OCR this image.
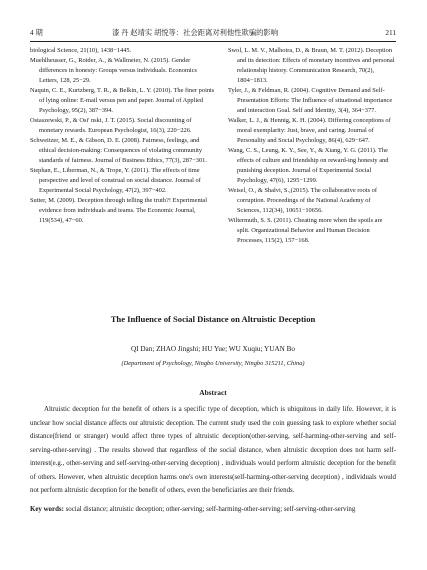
4 期	漆 丹 赵靖实 胡悦等：社会距离对利他性欺骗的影响	211
biological Science, 21(10), 1438−1445.
Muehlheusser, G., Roider, A., & Wallmeier, N. (2015). Gender differences in honesty: Groups versus individuals. Economics Letters, 128, 25−29.
Naquin, C. E., Kurtzberg, T. R., & Belkin, L. Y. (2010). The finer points of lying online: E-mail versus pen and paper. Journal of Applied Psychology, 95(2), 387−394.
Ostaszewski, P., & Osi' nski, J. T. (2015). Social discounting of monetary rewards. European Psychologist, 16(3), 220−226.
Schweitzer, M. E., & Gibson, D. E. (2008). Fairness, feelings, and ethical decision-making: Consequences of violating community standards of fairness. Journal of Business Ethics, 77(3), 287−301.
Stephan, E., Liberman, N., & Trope, Y. (2011). The effects of time perspective and level of construal on social distance. Journal of Experimental Social Psychology, 47(2), 397−402.
Sutter, M. (2009). Deception through telling the truth?! Experimental evidence from individuals and teams. The Economic Journal, 119(534), 47−60.
Swol, L. M. V., Malhotra, D., & Braun, M. T. (2012). Deception and its detection: Effects of monetary incentives and personal relationship history. Communication Research, 70(2), 1804−1813.
Tyler, J., & Feldman, R. (2004). Cognitive Demand and Self-Presentation Efforts: The Influence of situational importance and interaction Goal. Self and Identity, 3(4), 364−377.
Walker, L. J., & Hennig, K. H. (2004). Differing conceptions of moral exemplarity: Just, brave, and caring. Journal of Personality and Social Psychology, 86(4), 629−647.
Wang, C. S., Leung, K. Y., See, Y., & Xiang, Y. G. (2011). The effects of culture and friendship on reward-ing honesty and punishing deception. Journal of Experimental Social Psychology, 47(6), 1295−1299.
Weisel, O., & Shalvi, S.,(2015). The collaborative roots of corruption. Proceedings of the National Academy of Sciences, 112(34), 10651−10656.
Wiltermuth, S. S. (2011). Cheating more when the spoils are split. Organizational Behavior and Human Decision Processes, 115(2), 157−168.
The Influence of Social Distance on Altruistic Deception
QI Dan; ZHAO Jingshi; HU Yue; WU Xuqiu; YUAN Bo
(Department of Psychology, Ningbo University, Ningbo 315211, China)
Abstract

Altruistic deception for the benefit of others is a specific type of deception, which is ubiquitous in daily life. However, it is unclear how social distance affects our altruistic deception. The current study used the coin guessing task to explore whether social distance(friend or stranger) would affect three types of altruistic deception(other-serving, self-harming-other-serving and self-serving-other-serving) . The results showed that regardless of the social distance, when altruistic deception does not harm self-interest(e.g., other-serving and self-serving-other-serving deception) , individuals would perform altruistic deception for the benefit of others. However, when altruistic deception harms one's own interests(self-harming-other-serving deception) , individuals would not perform altruistic deception for the benefit of others, even the beneficiaries are their friends.

Key words: social distance; altruistic deception; other-serving; self-harming-other-serving; self-serving-other-serving
